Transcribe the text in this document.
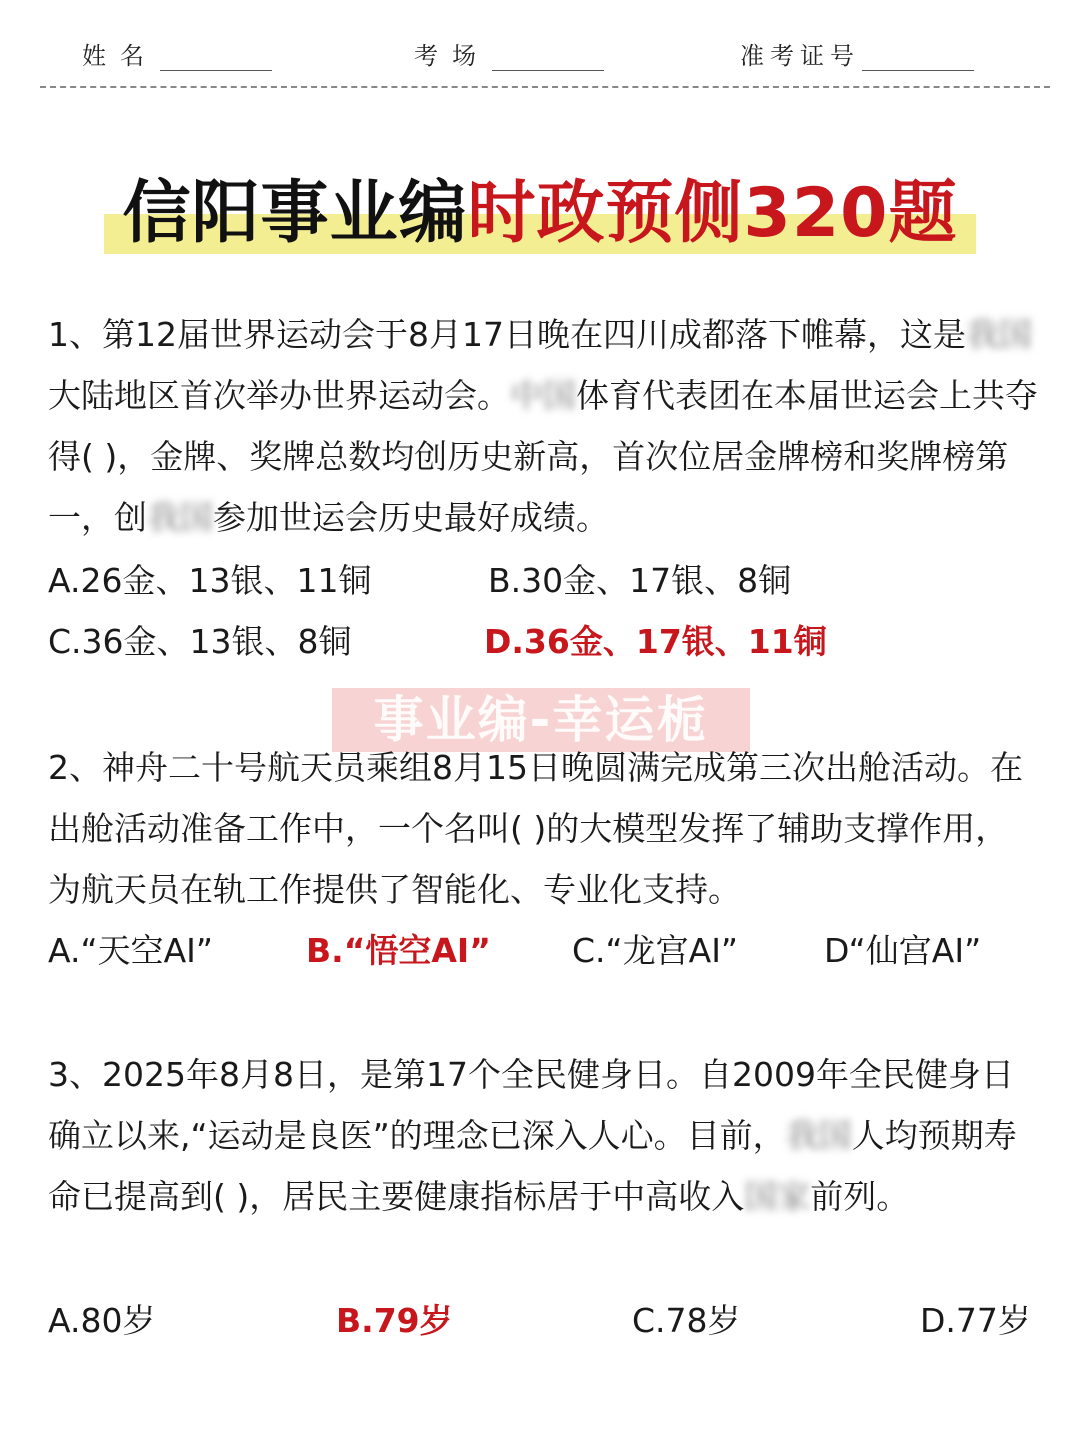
姓名	考场	准考证号
信阳事业编时政预侧320题
1、第12届世界运动会于8月17日晚在四川成都落下帷幕，这是我国大陆地区首次举办世界运动会。中国体育代表团在本届世运会上共夺得( )，金牌、奖牌总数均创历史新高，首次位居金牌榜和奖牌榜第一，创我国参加世运会历史最好成绩。
A.26金、13银、11铜	B.30金、17银、8铜
C.36金、13银、8铜	D.36金、17银、11铜
事业编-幸运栀
2、神舟二十号航天员乘组8月15日晚圆满完成第三次出舱活动。在出舱活动准备工作中，一个名叫( )的大模型发挥了辅助支撑作用，为航天员在轨工作提供了智能化、专业化支持。
A.“天空AI”	B.“悟空AI” C.“龙宫AI”	D“仙宫AI”
3、2025年8月8日，是第17个全民健身日。自2009年全民健身日确立以来,“运动是良医”的理念已深入人心。目前，我国人均预期寿命已提高到( )，居民主要健康指标居于中高收入国家前列。
A.80岁	B.79岁	C.78岁	D.77岁
